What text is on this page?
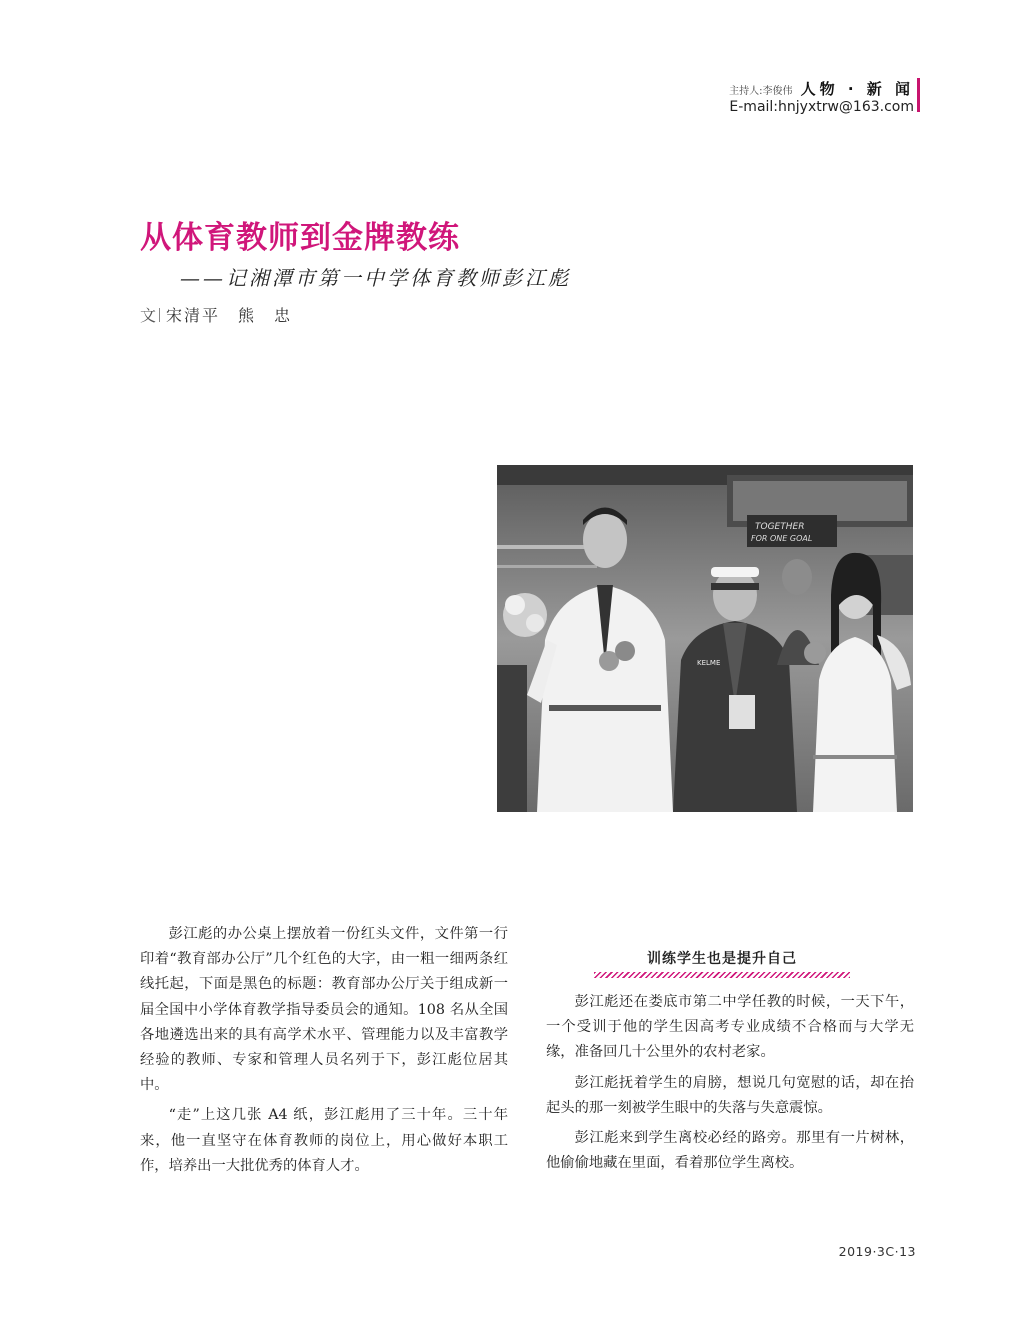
主持人:李俊伟 人物 · 新 闻
E-mail:hnjyxtrw@163.com
从体育教师到金牌教练
——记湘潭市第一中学体育教师彭江彪
文 宋清平　熊　忠
TOGETHER
FOR ONE GOAL
KELME

彭江彪的办公桌上摆放着一份红头文件，文件第一行印着“教育部办公厅”几个红色的大字，由一粗一细两条红线托起，下面是黑色的标题：教育部办公厅关于组成新一届全国中小学体育教学指导委员会的通知。108 名从全国各地遴选出来的具有高学术水平、管理能力以及丰富教学经验的教师、专家和管理人员名列于下，彭江彪位居其中。

“走”上这几张 A4 纸，彭江彪用了三十年。三十年来，他一直坚守在体育教师的岗位上，用心做好本职工作，培养出一大批优秀的体育人才。

训练学生也是提升自己

彭江彪还在娄底市第二中学任教的时候，一天下午，一个受训于他的学生因高考专业成绩不合格而与大学无缘，准备回几十公里外的农村老家。

彭江彪抚着学生的肩膀，想说几句宽慰的话，却在抬起头的那一刻被学生眼中的失落与失意震惊。

彭江彪来到学生离校必经的路旁。那里有一片树林，他偷偷地藏在里面，看着那位学生离校。

2019·3C·13
